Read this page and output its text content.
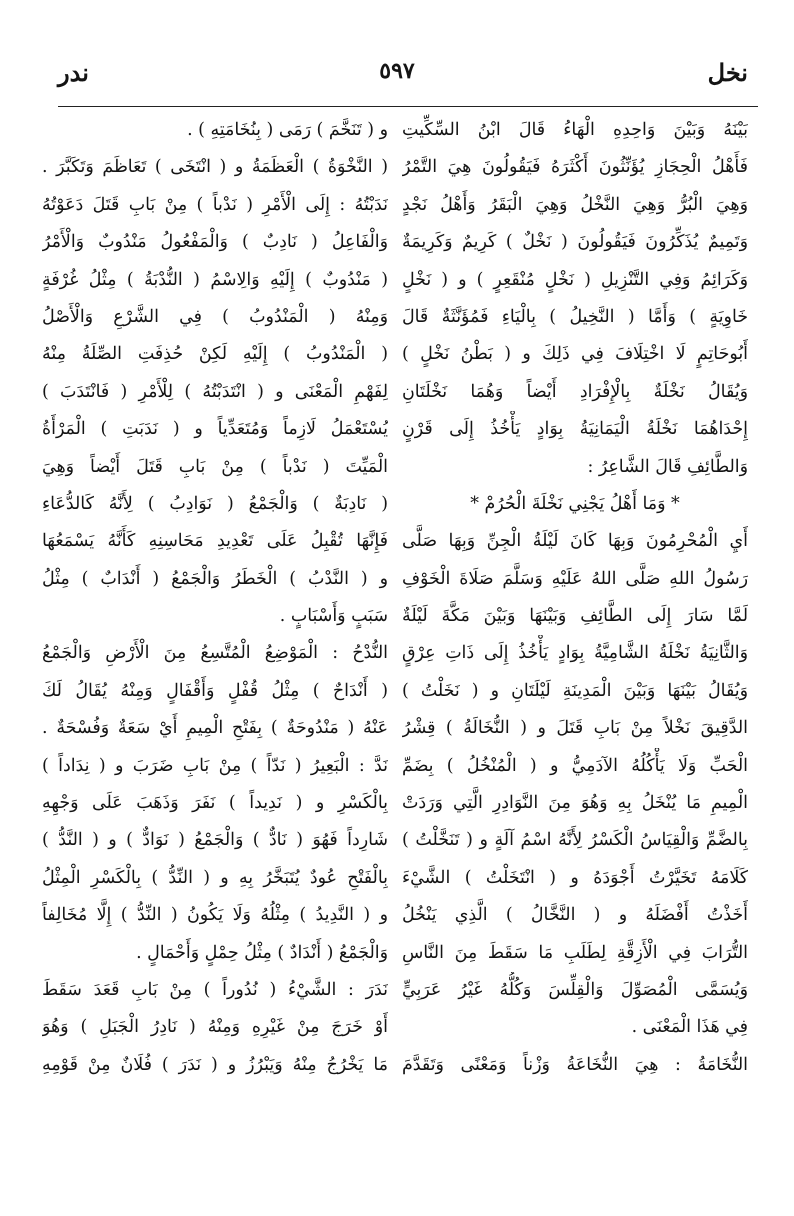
نخل
٥٩٧
ندر
بَيْنَهُ وَبَيْنَ وَاحِدِهِ الْهَاءُ قَالَ ابْنُ السِّكِّيتِ
فَأَهْلُ الْحِجَازِ يُؤَنِّثُونَ أَكْثَرَهُ فَيَقُولُونَ هِيَ التَّمْرُ
وَهِيَ الْبُرُّ وَهِيَ النَّخْلُ وَهِيَ الْبَقَرُ وَأَهْلُ نَجْدٍ
وَتَمِيمٌ يُذَكِّرُونَ فَيَقُولُونَ ( نَخْلٌ ) كَرِيمٌ وَكَرِيمَةٌ
وَكَرَائِمُ وَفِي التَّنْزِيلِ ( نَخْلٍ مُنْقَعِرٍ ) و ( نَخْلٍ
خَاوِيَةٍ ) وَأَمَّا ( النَّخِيلُ ) بِالْيَاءِ فَمُؤَنَّثَةٌ قَالَ
أَبُوحَاتِمٍ لَا اخْتِلَافَ فِي ذَلِكَ و ( بَطْنُ نَخْلٍ )
وَيُقَالُ نَخْلَةٌ بِالْإِفْرَادِ أَيْضاً وَهُمَا نَخْلَتَانِ
إِحْدَاهُمَا نَخْلَةُ الْيَمَانِيَةُ بِوَادٍ يَأْخُذُ إِلَى قَرْنٍ
وَالطَّائِفِ قَالَ الشَّاعِرُ :
* وَمَا أَهْلُ يَجْنِي نَخْلَةَ الْحُرُمْ *
أَيِ الْمُحْرِمُونَ وَبِهَا كَانَ لَيْلَةُ الْجِنِّ وَبِهَا صَلَّى
رَسُولُ اللهِ صَلَّى اللهُ عَلَيْهِ وَسَلَّمَ صَلَاةَ الْخَوْفِ
لَمَّا سَارَ إِلَى الطَّائِفِ وَبَيْنَهَا وَبَيْنَ مَكَّةَ لَيْلَةٌ
وَالثَّانِيَةُ نَخْلَةُ الشَّامِيَّةُ بِوَادٍ يَأْخُذُ إِلَى ذَاتِ عِرْقٍ
وَيُقَالُ بَيْنَهَا وَبَيْنَ الْمَدِينَةِ لَيْلَتَانِ و ( نَخَلْتُ )
الدَّقِيقَ نَخْلاً مِنْ بَابِ قَتَلَ و ( النُّخَالَةُ ) قِشْرُ
الْحَبِّ وَلَا يَأْكُلُهُ الآدَمِيُّ و ( الْمُنْخُلُ ) بِضَمِّ
الْمِيمِ مَا يُنْخَلُ بِهِ وَهُوَ مِنَ النَّوَادِرِ الَّتِي وَرَدَتْ
بِالضَّمِّ وَالْقِيَاسُ الْكَسْرُ لِأَنَّهُ اسْمُ آلَةٍ و ( تَنَخَّلْتُ )
كَلَامَهُ تَخَيَّرْتُ أَجْوَدَهُ و ( انْتَخَلْتُ ) الشَّيْءَ
أَخَذْتُ أَفْضَلَهُ و ( النَّخَّالُ ) الَّذِي يَنْخُلُ
التُّرَابَ فِي الْأَزِقَّةِ لِطَلَبِ مَا سَقَطَ مِنَ النَّاسِ
وَيُسَمَّى الْمُصَوِّلَ وَالْقِلِّسَ وَكُلُّهُ غَيْرُ عَرَبِيٍّ
فِي هَذَا الْمَعْنَى .
النُّخَامَةُ : هِيَ النُّخَاعَةُ وَزْناً وَمَعْنًى وَتَقَدَّمَ
و ( تَنَخَّمَ ) رَمَى ( بِنُخَامَتِهِ ) .
( النَّخْوَةُ ) الْعَظَمَةُ و ( انْتَخَى ) تَعَاظَمَ وَتَكَبَّرَ .
نَدَبْتُهُ : إِلَى الْأَمْرِ ( نَدْباً ) مِنْ بَابِ قَتَلَ دَعَوْتُهُ
وَالْفَاعِلُ ( نَادِبٌ ) وَالْمَفْعُولُ مَنْدُوبٌ وَالْأَمْرُ
( مَنْدُوبٌ ) إِلَيْهِ وَالِاسْمُ ( النُّدْبَةُ ) مِثْلُ غُرْفَةٍ
وَمِنْهُ ( الْمَنْدُوبُ ) فِي الشَّرْعِ وَالْأَصْلُ
( الْمَنْدُوبُ ) إِلَيْهِ لَكِنْ حُذِفَتِ الصِّلَةُ مِنْهُ
لِفَهْمِ الْمَعْنَى و ( انْتَدَبْتُهُ ) لِلْأَمْرِ ( فَانْتَدَبَ )
يُسْتَعْمَلُ لَازِماً وَمُتَعَدِّياً و ( نَدَبَتِ ) الْمَرْأَةُ
الْمَيِّتَ ( نَدْباً ) مِنْ بَابِ قَتَلَ أَيْضاً وَهِيَ
( نَادِبَةٌ ) وَالْجَمْعُ ( نَوَادِبُ ) لِأَنَّهُ كَالدُّعَاءِ
فَإِنَّهَا تُقْبِلُ عَلَى تَعْدِيدِ مَحَاسِنِهِ كَأَنَّهُ يَسْمَعُهَا
و ( النَّدْبُ ) الْخَطَرُ وَالْجَمْعُ ( أَنْدَابٌ ) مِثْلُ
سَبَبٍ وَأَسْبَابٍ .
النُّدْحُ : الْمَوْضِعُ الْمُتَّسِعُ مِنَ الْأَرْضِ وَالْجَمْعُ
( أَنْدَاحٌ ) مِثْلُ قُفْلٍ وَأَقْفَالٍ وَمِنْهُ يُقَالُ لَكَ
عَنْهُ ( مَنْدُوحَةٌ ) بِفَتْحِ الْمِيمِ أَيْ سَعَةٌ وَفُسْحَةٌ .
نَدَّ : الْبَعِيرُ ( نَدّاً ) مِنْ بَابِ ضَرَبَ و ( نِدَاداً )
بِالْكَسْرِ و ( نَدِيداً ) نَفَرَ وَذَهَبَ عَلَى وَجْهِهِ
شَارِداً فَهُوَ ( نَادٌّ ) وَالْجَمْعُ ( نَوَادٌّ ) و ( النَّدُّ )
بِالْفَتْحِ عُودٌ يُتَبَخَّرُ بِهِ و ( النِّدُّ ) بِالْكَسْرِ الْمِثْلُ
و ( النَّدِيدُ ) مِثْلُهُ وَلَا يَكُونُ ( النِّدُّ ) إِلَّا مُخَالِفاً
وَالْجَمْعُ ( أَنْدَادٌ ) مِثْلُ حِمْلٍ وَأَحْمَالٍ .
نَدَرَ : الشَّيْءُ ( نُدُوراً ) مِنْ بَابِ قَعَدَ سَقَطَ
أَوْ خَرَجَ مِنْ غَيْرِهِ وَمِنْهُ ( نَادِرُ الْجَبَلِ ) وَهُوَ
مَا يَخْرُجُ مِنْهُ وَيَبْرُزُ و ( نَدَرَ ) فُلَانٌ مِنْ قَوْمِهِ
